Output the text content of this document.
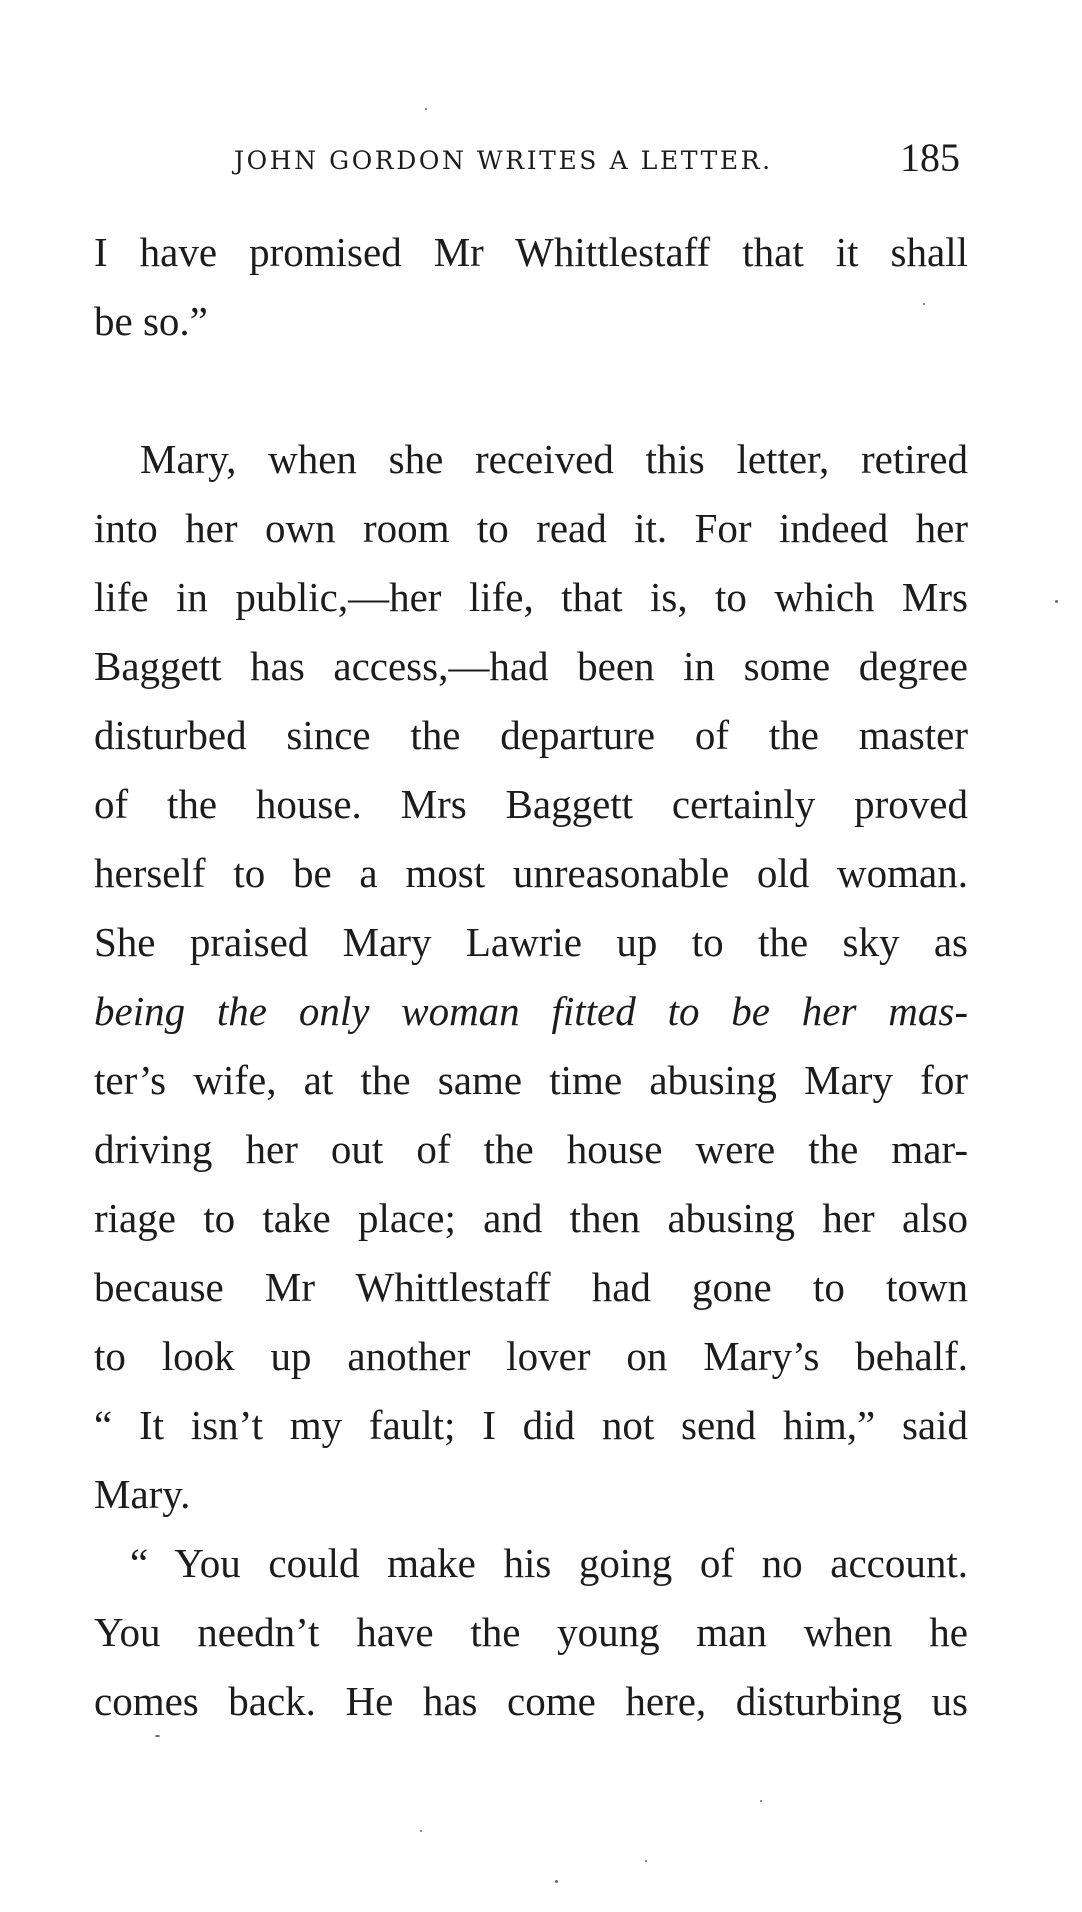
JOHN GORDON WRITES A LETTER.	185
I have promised Mr Whittlestaff that it shall
be so.”
Mary, when she received this letter, retired
into her own room to read it. For indeed her
life in public,—her life, that is, to which Mrs
Baggett has access,—had been in some degree
disturbed since the departure of the master
of the house. Mrs Baggett certainly proved
herself to be a most unreasonable old woman.
She praised Mary Lawrie up to the sky as
being the only woman fitted to be her mas-
ter’s wife, at the same time abusing Mary for
driving her out of the house were the mar-
riage to take place; and then abusing her also
because Mr Whittlestaff had gone to town
to look up another lover on Mary’s behalf.
“ It isn’t my fault; I did not send him,” said
Mary.
“ You could make his going of no account.
You needn’t have the young man when he
comes back. He has come here, disturbing us
